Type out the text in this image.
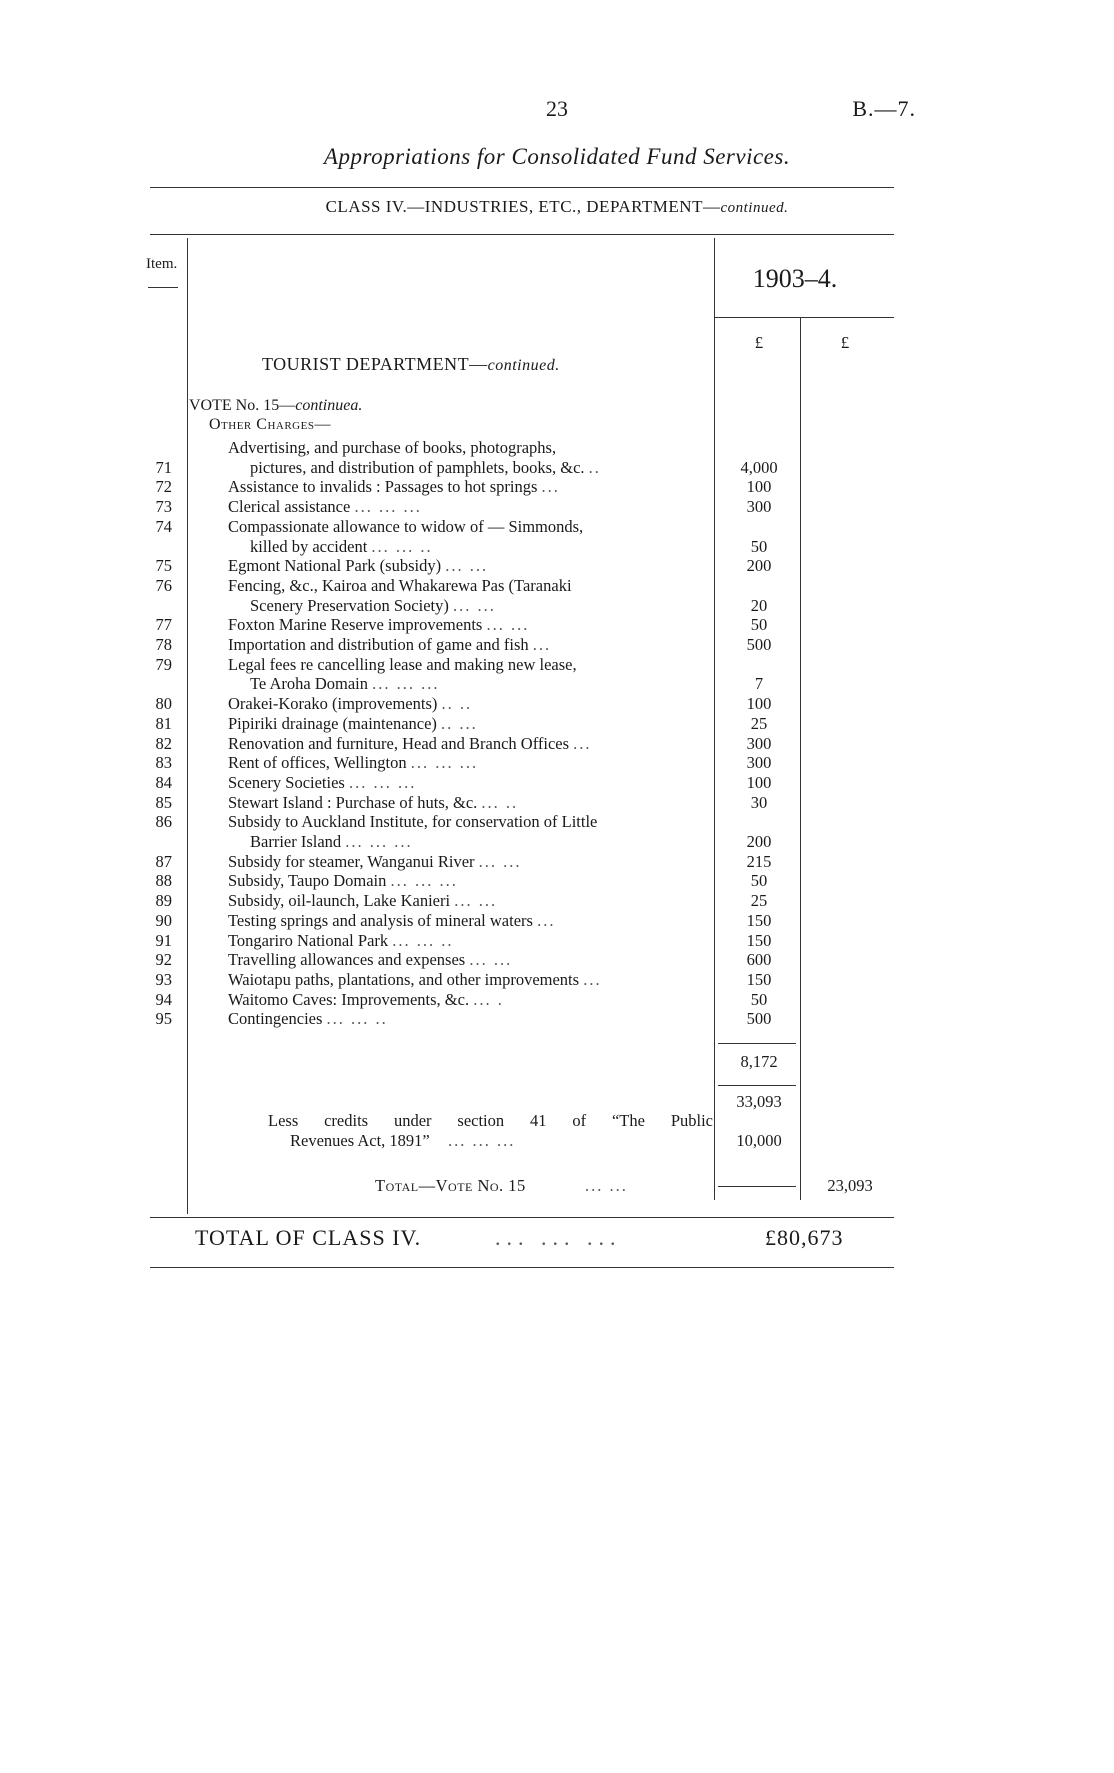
23	B.—7.
Appropriations for Consolidated Fund Services.
CLASS IV.—INDUSTRIES, ETC., DEPARTMENT—continued.
Item.	1903–4.
£	£
TOURIST DEPARTMENT—continued.
VOTE No. 15—continuea.
Other Charges—
Advertising, and purchase of books, photographs,
71	pictures, and distribution of pamphlets, books, &c. ..	4,000
72	Assistance to invalids : Passages to hot springs ...	100
73	Clerical assistance ... ... ...	300
74	Compassionate allowance to widow of — Simmonds,
killed by accident ... ... ..	50
75	Egmont National Park (subsidy) ... ...	200
76	Fencing, &c., Kairoa and Whakarewa Pas (Taranaki
Scenery Preservation Society) ... ...	20
77	Foxton Marine Reserve improvements ... ...	50
78	Importation and distribution of game and fish ...	500
79	Legal fees re cancelling lease and making new lease,
Te Aroha Domain ... ... ...	7
80	Orakei-Korako (improvements) .. ..	100
81	Pipiriki drainage (maintenance) .. ...	25
82	Renovation and furniture, Head and Branch Offices ...	300
83	Rent of offices, Wellington ... ... ...	300
84	Scenery Societies ... ... ...	100
85	Stewart Island : Purchase of huts, &c. ... ..	30
86	Subsidy to Auckland Institute, for conservation of Little
Barrier Island ... ... ...	200
87	Subsidy for steamer, Wanganui River ... ...	215
88	Subsidy, Taupo Domain ... ... ...	50
89	Subsidy, oil-launch, Lake Kanieri ... ...	25
90	Testing springs and analysis of mineral waters ...	150
91	Tongariro National Park ... ... ..	150
92	Travelling allowances and expenses ... ...	600
93	Waiotapu paths, plantations, and other improvements ...	150
94	Waitomo Caves: Improvements, &c. ... .	50
95	Contingencies ... ... ..	500
8,172
33,093
Less credits under section 41 of “The Public
Revenues Act, 1891” ... ... ...	10,000
Total—Vote No. 15	... ...	23,093
TOTAL OF CLASS IV.	... ... ...	£80,673
